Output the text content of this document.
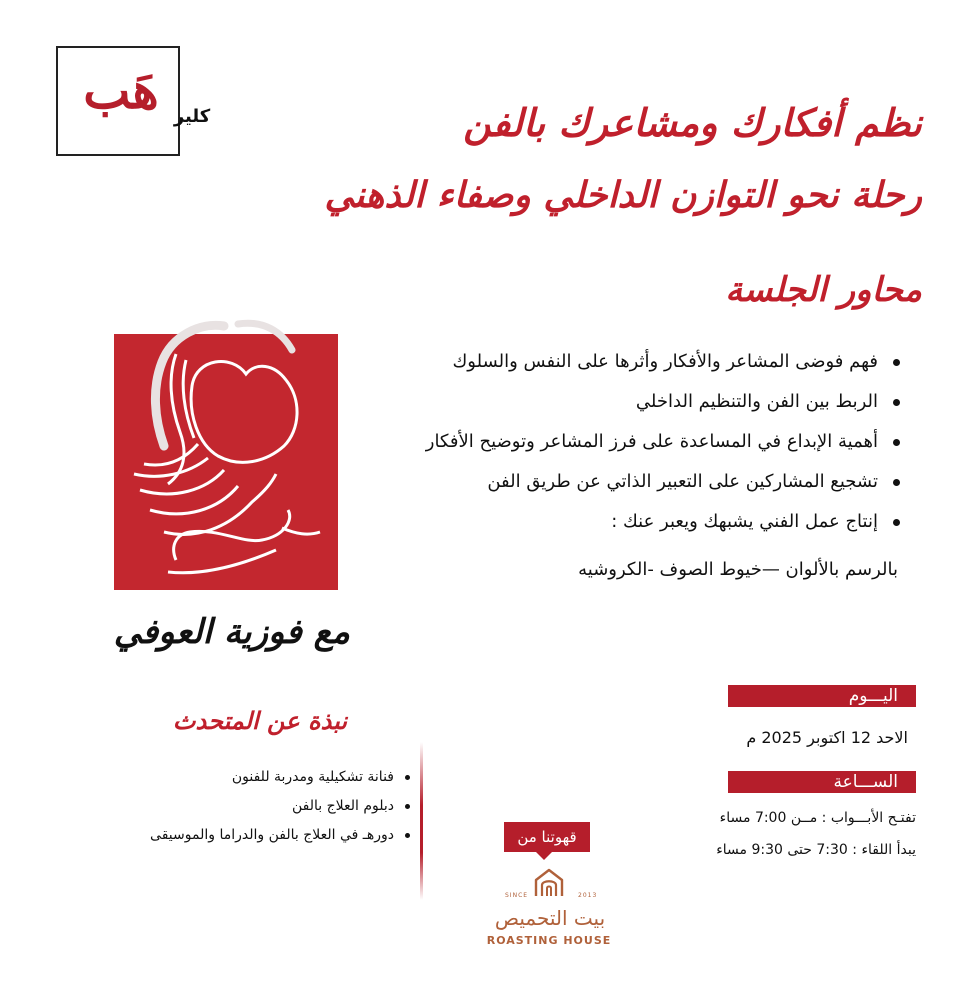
هَب كلير	نظم أفكارك ومشاعرك بالفن
رحلة نحو التوازن الداخلي وصفاء الذهني
محاور الجلسة
فهم فوضى المشاعر والأفكار وأثرها على النفس والسلوك
الربط بين الفن والتنظيم الداخلي
أهمية الإبداع في المساعدة على فرز المشاعر وتوضيح الأفكار
تشجيع المشاركين على التعبير الذاتي عن طريق الفن
إنتاج عمل الفني يشبهك ويعبر عنك :
بالرسم بالألوان —خيوط الصوف -الكروشيه
مع فوزية العوفي
نبذة عن المتحدث
فنانة تشكيلية ومدربة للفنون
دبلوم العلاج بالفن
دورهـ في العلاج بالفن والدراما والموسيقى
اليـــوم
الاحد 12 اكتوبر 2025 م
الســـاعة
تفتـح الأبـــواب : مــن 7:00 مساء
يبدأ اللقاء : 7:30 حتى 9:30 مساء
قهوتنا من
SINCE	2013
بيت التحميص
ROASTING HOUSE
